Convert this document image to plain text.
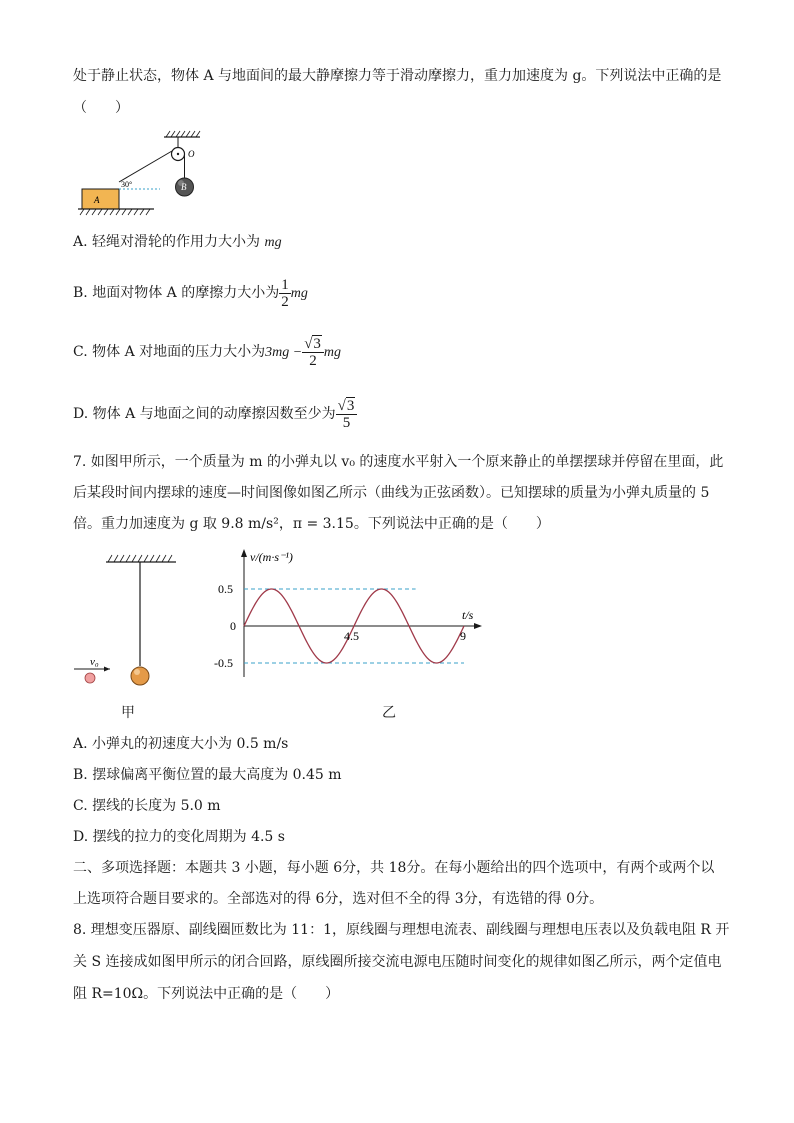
处于静止状态，物体 A 与地面间的最大静摩擦力等于滑动摩擦力，重力加速度为 g。下列说法中正确的是
（　　）
O
B
A
30°
A. 轻绳对滑轮的作用力大小为 mg
B. 地面对物体 A 的摩擦力大小为 $\frac{1}{2}$ mg
C. 物体 A 对地面的压力大小为$3mg - \frac{√3}{2}$ mg
D. 物体 A 与地面之间的动摩擦因数至少为 $\frac{√3}{5}$
7. 如图甲所示，一个质量为 m 的小弹丸以 v₀ 的速度水平射入一个原来静止的单摆摆球并停留在里面，此
后某段时间内摆球的速度—时间图像如图乙所示（曲线为正弦函数）。已知摆球的质量为小弹丸质量的 5
倍。重力加速度为 g 取 9.8 m/s²，π = 3.15。下列说法中正确的是（　　）
v₀
甲
v/(m·s⁻¹)
t/s
0.5
0
-0.5
4.5	9
乙
A. 小弹丸的初速度大小为 0.5 m/s
B. 摆球偏离平衡位置的最大高度为 0.45 m
C. 摆线的长度为 5.0 m
D. 摆线的拉力的变化周期为 4.5 s
二、多项选择题：本题共 3 小题，每小题 6分，共 18分。在每小题给出的四个选项中，有两个或两个以
上选项符合题目要求的。全部选对的得 6分，选对但不全的得 3分，有选错的得 0分。
8. 理想变压器原、副线圈匝数比为 11：1，原线圈与理想电流表、副线圈与理想电压表以及负载电阻 R 开
关 S 连接成如图甲所示的闭合回路，原线圈所接交流电源电压随时间变化的规律如图乙所示，两个定值电
阻 R=10Ω。下列说法中正确的是（　　）
